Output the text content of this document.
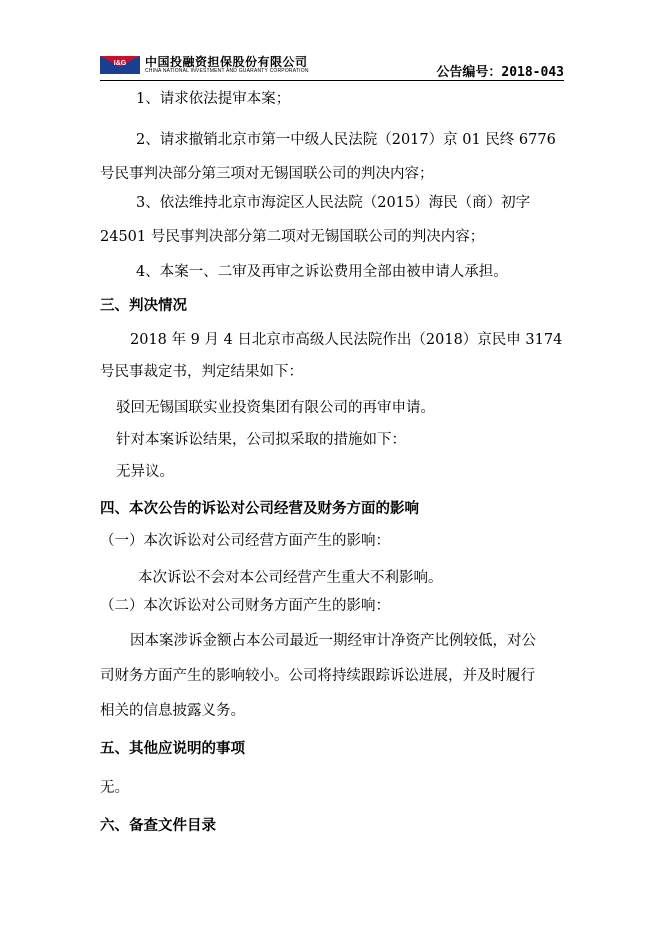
I&G 中国投融资担保股份有限公司
CHINA NATIONAL INVESTMENT AND GUARANTY CORPORATION	公告编号：2018-043
1、请求依法提审本案；
2、请求撤销北京市第一中级人民法院（2017）京 01 民终 6776
号民事判决部分第三项对无锡国联公司的判决内容；
3、依法维持北京市海淀区人民法院（2015）海民（商）初字
24501 号民事判决部分第二项对无锡国联公司的判决内容；
4、本案一、二审及再审之诉讼费用全部由被申请人承担。
三、判决情况
2018 年 9 月 4 日北京市高级人民法院作出（2018）京民申 3174
号民事裁定书，判定结果如下：
驳回无锡国联实业投资集团有限公司的再审申请。
针对本案诉讼结果，公司拟采取的措施如下：
无异议。
四、本次公告的诉讼对公司经营及财务方面的影响
（一）本次诉讼对公司经营方面产生的影响：
本次诉讼不会对本公司经营产生重大不利影响。
（二）本次诉讼对公司财务方面产生的影响：
因本案涉诉金额占本公司最近一期经审计净资产比例较低，对公
司财务方面产生的影响较小。公司将持续跟踪诉讼进展，并及时履行
相关的信息披露义务。
五、其他应说明的事项
无。
六、备查文件目录
